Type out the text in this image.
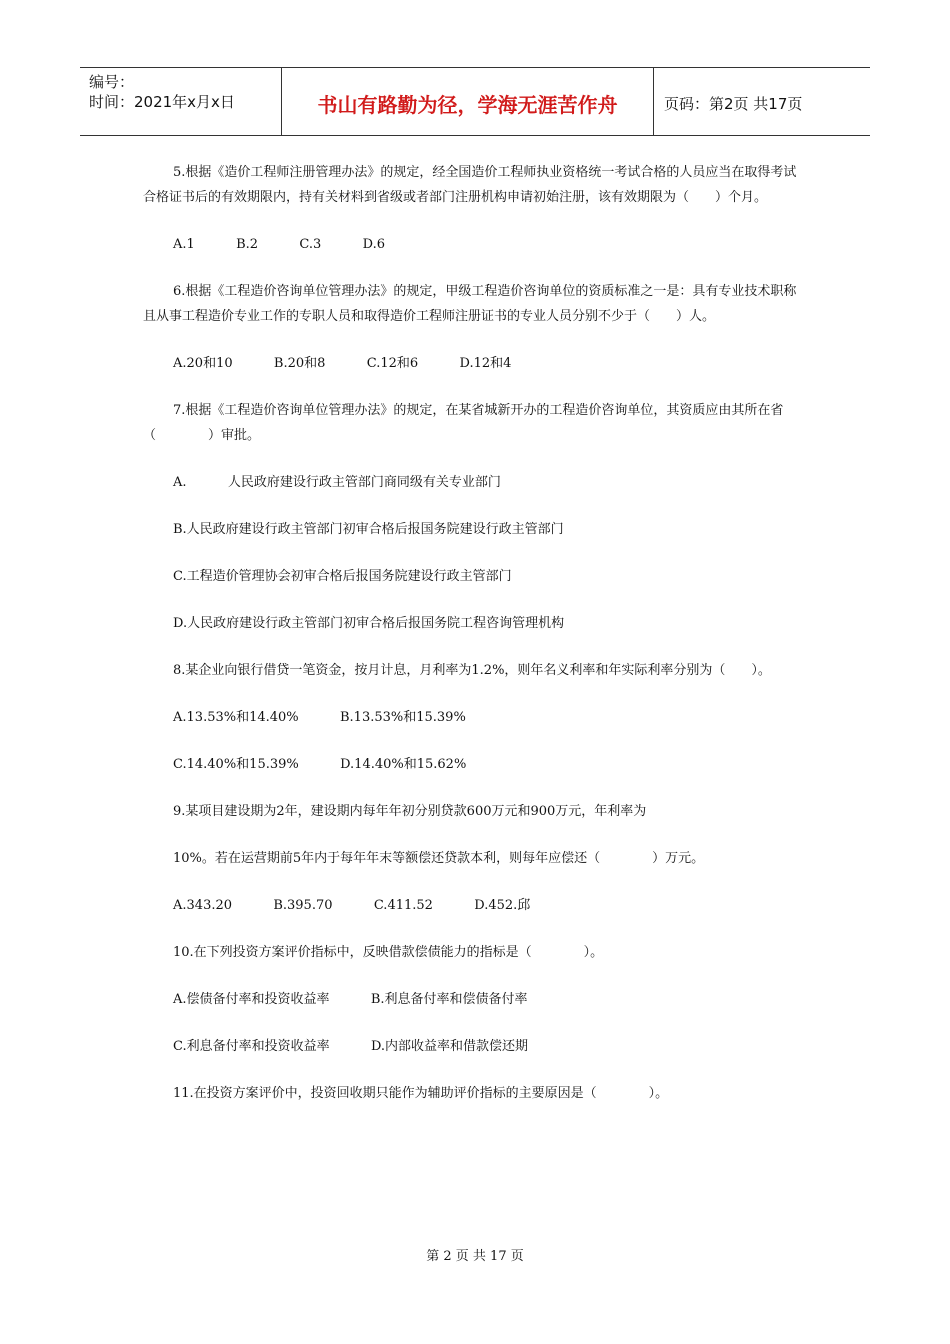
编号：
时间：2021年x月x日	书山有路勤为径，学海无涯苦作舟	页码：第2页 共17页

5.根据《造价工程师注册管理办法》的规定，经全国造价工程师执业资格统一考试合格的人员应当在取得考试合格证书后的有效期限内，持有关材料到省级或者部门注册机构申请初始注册，该有效期限为（　　）个月。

A.1          B.2          C.3          D.6

6.根据《工程造价咨询单位管理办法》的规定，甲级工程造价咨询单位的资质标准之一是：具有专业技术职称且从事工程造价专业工作的专职人员和取得造价工程师注册证书的专业人员分别不少于（　　）人。

A.20和10          B.20和8          C.12和6          D.12和4

7.根据《工程造价咨询单位管理办法》的规定，在某省城新开办的工程造价咨询单位，其资质应由其所在省（　　　　）审批。

A.          人民政府建设行政主管部门商同级有关专业部门

B.人民政府建设行政主管部门初审合格后报国务院建设行政主管部门

C.工程造价管理协会初审合格后报国务院建设行政主管部门

D.人民政府建设行政主管部门初审合格后报国务院工程咨询管理机构

8.某企业向银行借贷一笔资金，按月计息，月利率为1.2%，则年名义利率和年实际利率分别为（　　）。

A.13.53%和14.40%          B.13.53%和15.39%

C.14.40%和15.39%          D.14.40%和15.62%

9.某项目建设期为2年，建设期内每年年初分别贷款600万元和900万元，年利率为

10%。若在运营期前5年内于每年年末等额偿还贷款本利，则每年应偿还（　　　　）万元。

A.343.20          B.395.70          C.411.52          D.452.邱

10.在下列投资方案评价指标中，反映借款偿债能力的指标是（　　　　）。

A.偿债备付率和投资收益率          B.利息备付率和偿债备付率

C.利息备付率和投资收益率          D.内部收益率和借款偿还期

11.在投资方案评价中，投资回收期只能作为辅助评价指标的主要原因是（　　　　）。

第 2 页 共 17 页
